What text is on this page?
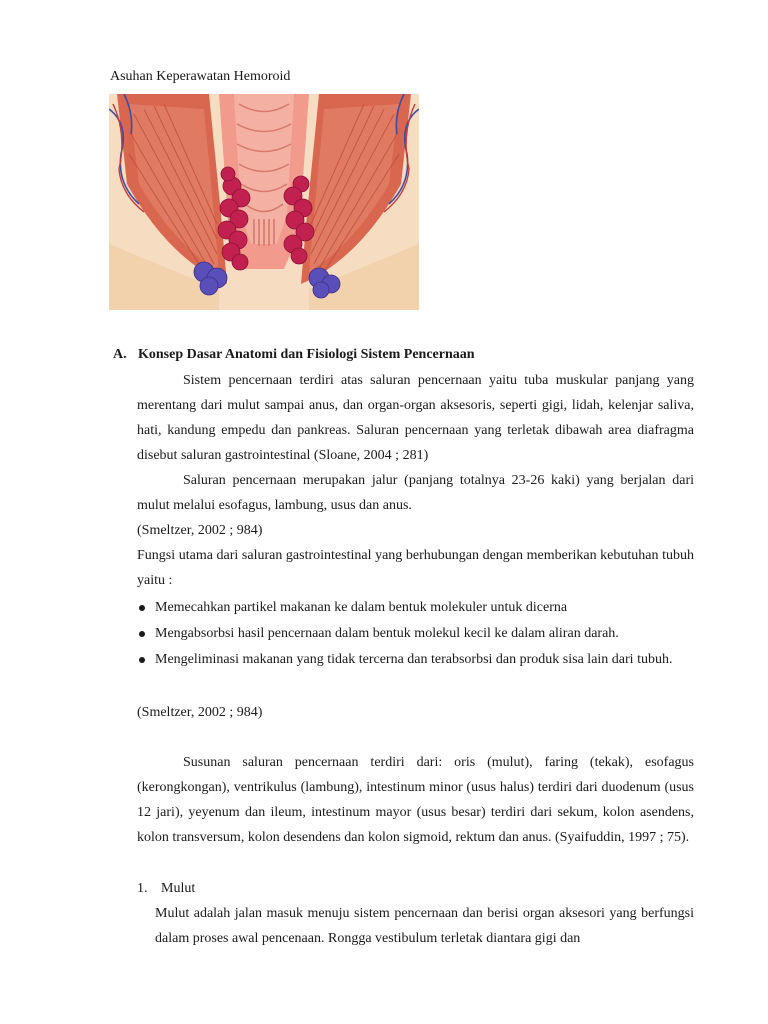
Asuhan Keperawatan Hemoroid
A. Konsep Dasar Anatomi dan Fisiologi Sistem Pencernaan
Sistem pencernaan terdiri atas saluran pencernaan yaitu tuba muskular panjang yang merentang dari mulut sampai anus, dan organ-organ aksesoris, seperti gigi, lidah, kelenjar saliva, hati, kandung empedu dan pankreas. Saluran pencernaan yang terletak dibawah area diafragma disebut saluran gastrointestinal (Sloane, 2004 ; 281)
Saluran pencernaan merupakan jalur (panjang totalnya 23-26 kaki) yang berjalan dari mulut melalui esofagus, lambung, usus dan anus.
(Smeltzer, 2002 ; 984)
Fungsi utama dari saluran gastrointestinal yang berhubungan dengan memberikan kebutuhan tubuh yaitu :
Memecahkan partikel makanan ke dalam bentuk molekuler untuk dicerna
Mengabsorbsi hasil pencernaan dalam bentuk molekul kecil ke dalam aliran darah.
Mengeliminasi makanan yang tidak tercerna dan terabsorbsi dan produk sisa lain dari tubuh.
(Smeltzer, 2002 ; 984)
Susunan saluran pencernaan terdiri dari: oris (mulut), faring (tekak), esofagus (kerongkongan), ventrikulus (lambung), intestinum minor (usus halus) terdiri dari duodenum (usus 12 jari), yeyenum dan ileum, intestinum mayor (usus besar) terdiri dari sekum, kolon asendens, kolon transversum, kolon desendens dan kolon sigmoid, rektum dan anus. (Syaifuddin, 1997 ; 75).
1. Mulut
Mulut adalah jalan masuk menuju sistem pencernaan dan berisi organ aksesori yang berfungsi dalam proses awal pencenaan. Rongga vestibulum terletak diantara gigi dan
